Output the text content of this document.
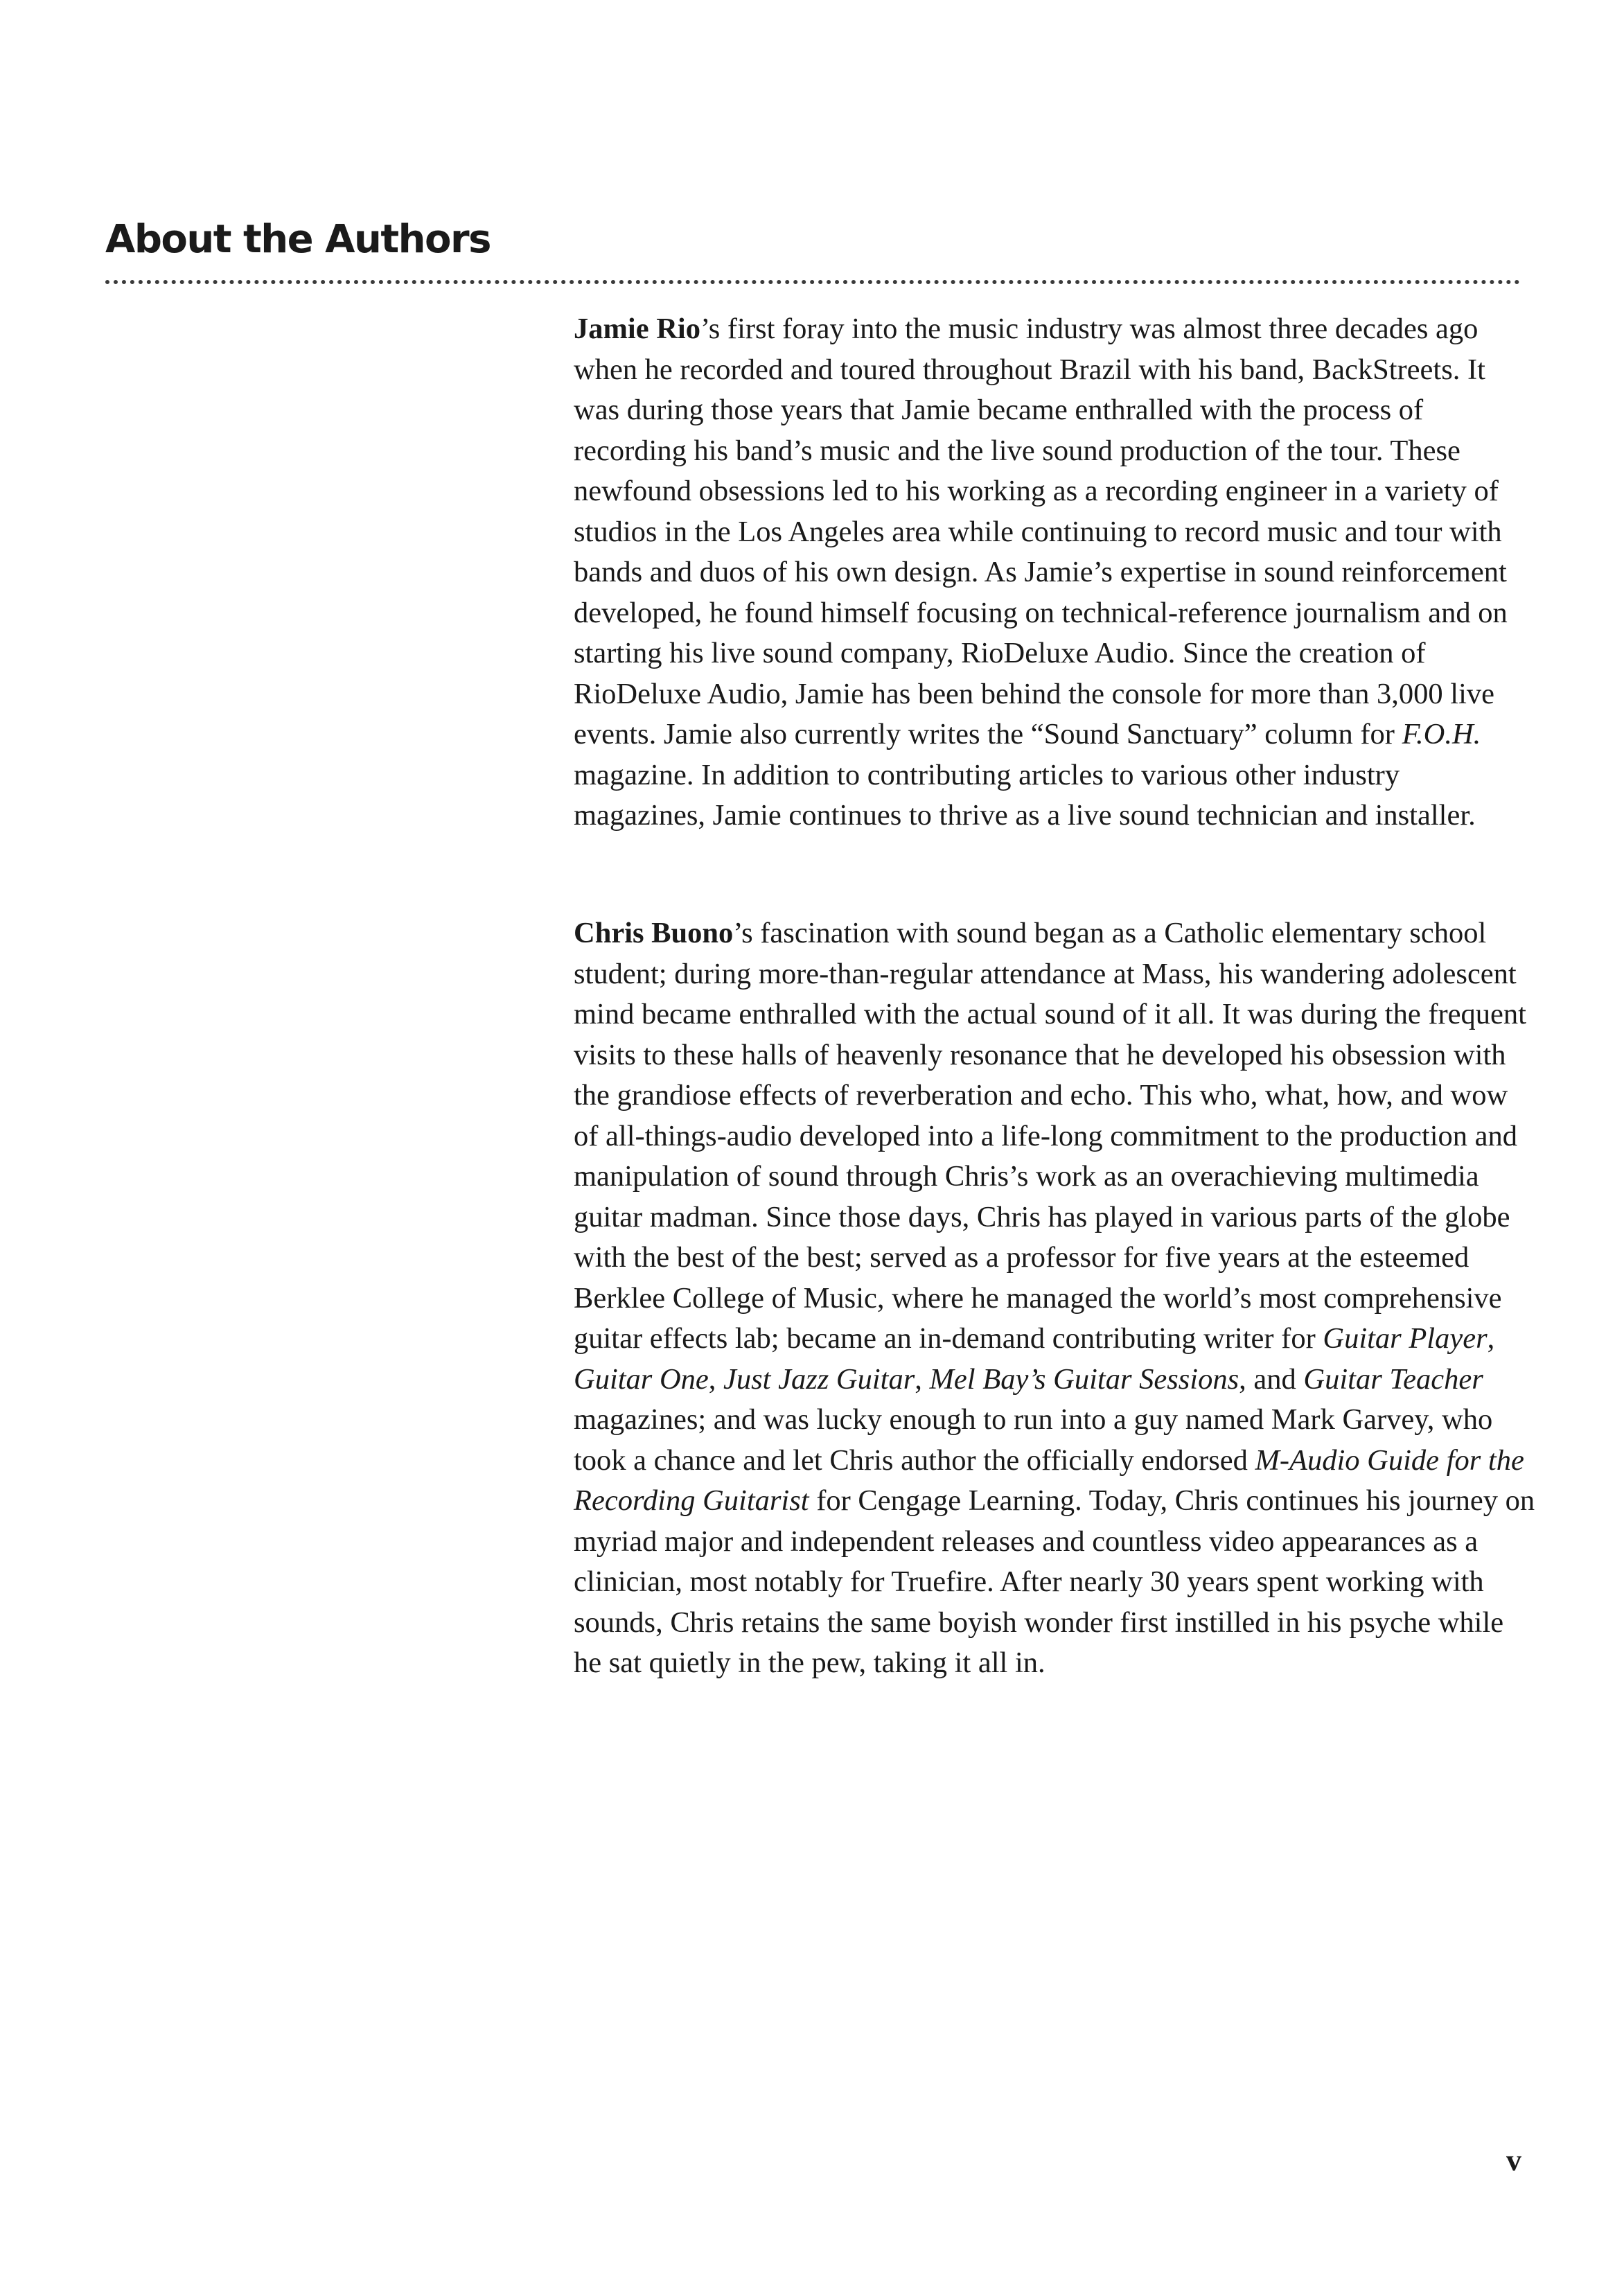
About the Authors

Jamie Rio’s first foray into the music industry was almost three decades ago when he recorded and toured throughout Brazil with his band, BackStreets. It was during those years that Jamie became enthralled with the process of recording his band’s music and the live sound production of the tour. These newfound obsessions led to his working as a recording engineer in a variety of studios in the Los Angeles area while continuing to record music and tour with bands and duos of his own design. As Jamie’s expertise in sound reinforcement developed, he found himself focusing on technical-reference journalism and on starting his live sound company, RioDeluxe Audio. Since the creation of RioDeluxe Audio, Jamie has been behind the console for more than 3,000 live events. Jamie also currently writes the “Sound Sanctuary” column for F.O.H. magazine. In addition to contributing articles to various other industry magazines, Jamie continues to thrive as a live sound technician and installer.

Chris Buono’s fascination with sound began as a Catholic elementary school student; during more-than-regular attendance at Mass, his wandering adolescent mind became enthralled with the actual sound of it all. It was during the frequent visits to these halls of heavenly resonance that he developed his obsession with the grandiose effects of reverberation and echo. This who, what, how, and wow of all-things-audio developed into a life-long commitment to the production and manipulation of sound through Chris’s work as an overachieving multimedia guitar madman. Since those days, Chris has played in various parts of the globe with the best of the best; served as a professor for five years at the esteemed Berklee College of Music, where he managed the world’s most comprehensive guitar effects lab; became an in-demand contributing writer for Guitar Player, Guitar One, Just Jazz Guitar, Mel Bay’s Guitar Sessions, and Guitar Teacher magazines; and was lucky enough to run into a guy named Mark Garvey, who took a chance and let Chris author the officially endorsed M-Audio Guide for the Recording Guitarist for Cengage Learning. Today, Chris continues his journey on myriad major and independent releases and countless video appearances as a clinician, most notably for Truefire. After nearly 30 years spent working with sounds, Chris retains the same boyish wonder first instilled in his psyche while he sat quietly in the pew, taking it all in.

v
